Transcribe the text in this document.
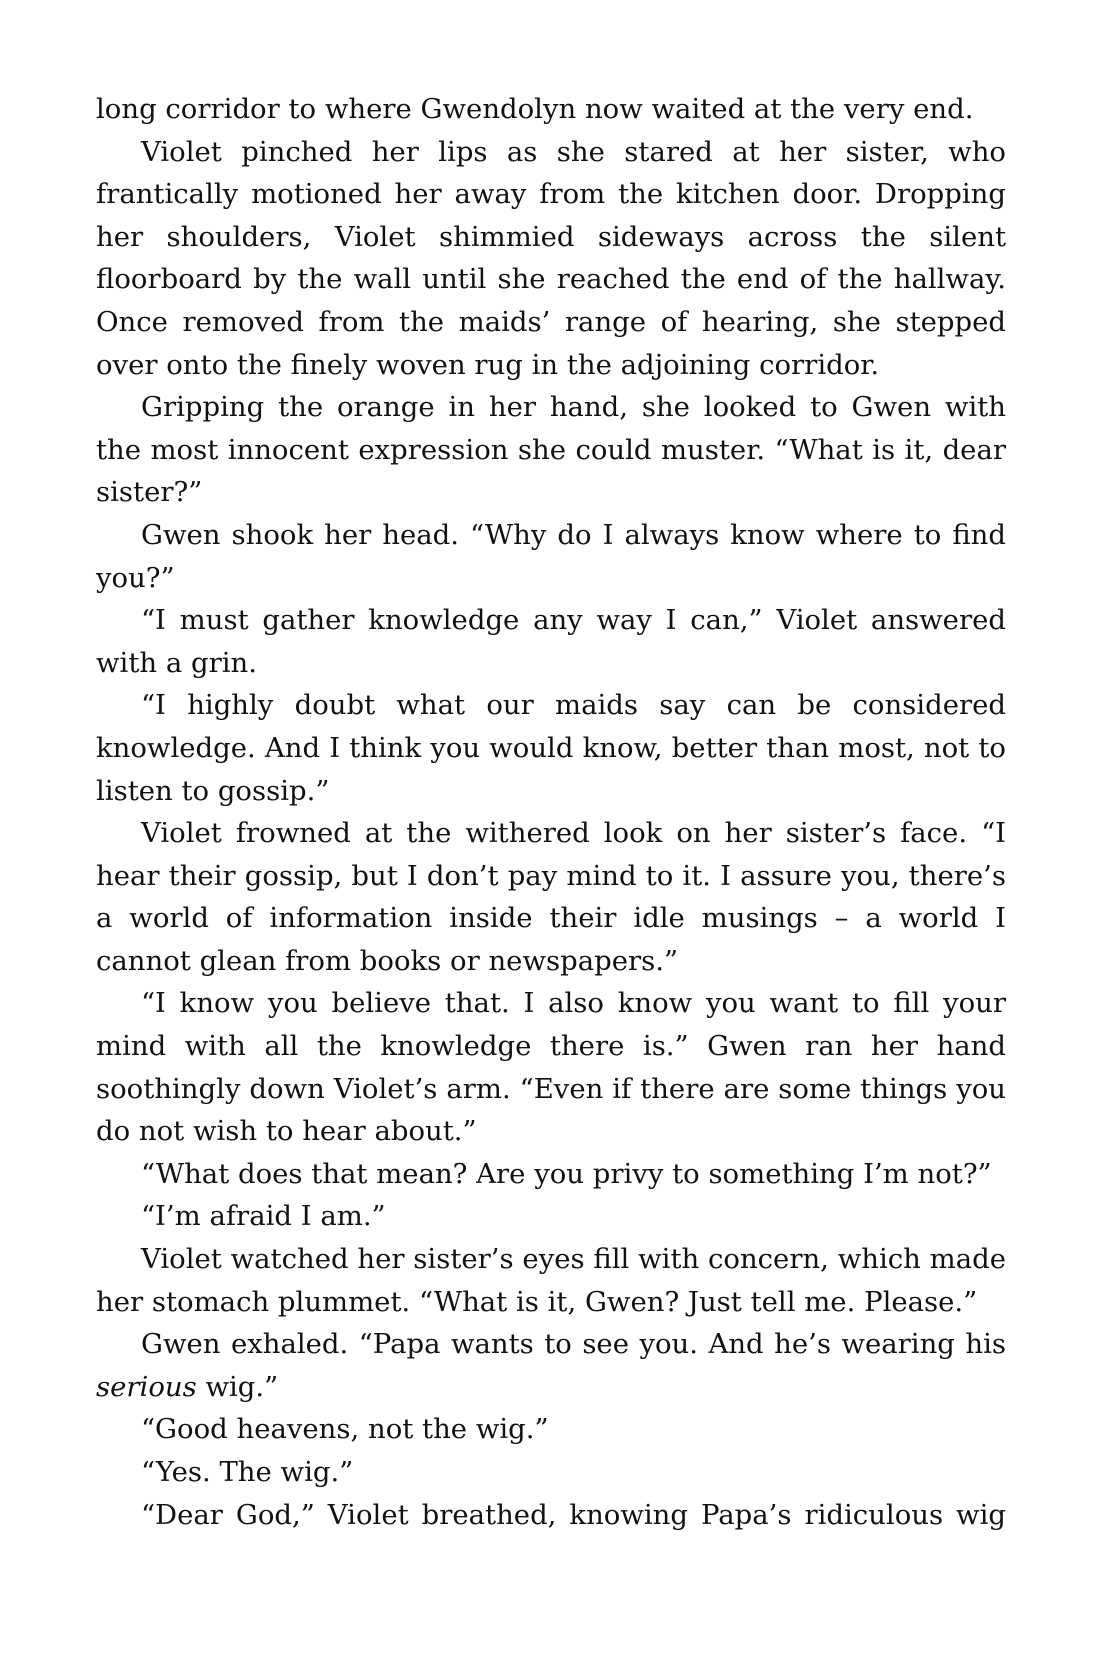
long corridor to where Gwendolyn now waited at the very end.

Violet pinched her lips as she stared at her sister, who frantically motioned her away from the kitchen door. Dropping her shoulders, Violet shimmied sideways across the silent floorboard by the wall until she reached the end of the hallway. Once removed from the maids’ range of hearing, she stepped over onto the finely woven rug in the adjoining corridor.

Gripping the orange in her hand, she looked to Gwen with the most innocent expression she could muster. “What is it, dear sister?”

Gwen shook her head. “Why do I always know where to find you?”

“I must gather knowledge any way I can,” Violet answered with a grin.

“I highly doubt what our maids say can be considered knowledge. And I think you would know, better than most, not to listen to gossip.”

Violet frowned at the withered look on her sister’s face. “I hear their gossip, but I don’t pay mind to it. I assure you, there’s a world of information inside their idle musings – a world I cannot glean from books or newspapers.”

“I know you believe that. I also know you want to fill your mind with all the knowledge there is.” Gwen ran her hand soothingly down Violet’s arm. “Even if there are some things you do not wish to hear about.”

“What does that mean? Are you privy to something I’m not?”

“I’m afraid I am.”

Violet watched her sister’s eyes fill with concern, which made her stomach plummet. “What is it, Gwen? Just tell me. Please.”

Gwen exhaled. “Papa wants to see you. And he’s wearing his serious wig.”

“Good heavens, not the wig.”

“Yes. The wig.”

“Dear God,” Violet breathed, knowing Papa’s ridiculous wig
